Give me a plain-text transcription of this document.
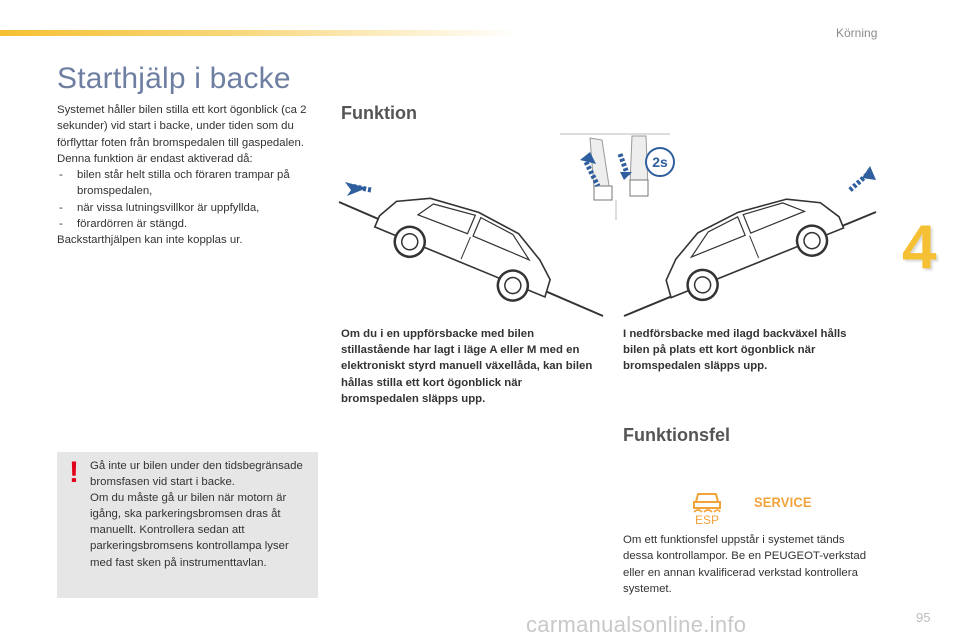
Körning
4
Starthjälp i backe

Systemet håller bilen stilla ett kort ögonblick (ca 2 sekunder) vid start i backe, under tiden som du förflyttar foten från bromspedalen till gaspedalen.

Denna funktion är endast aktiverad då:

- bilen står helt stilla och föraren trampar på bromspedalen,
- när vissa lutningsvillkor är uppfyllda,
- förardörren är stängd.

Backstarthjälpen kan inte kopplas ur.

! Gå inte ur bilen under den tidsbegränsade bromsfasen vid start i backe.
Om du måste gå ur bilen när motorn är igång, ska parkeringsbromsen dras åt manuellt. Kontrollera sedan att parkeringsbromsens kontrollampa lyser med fast sken på instrumenttavlan.
Funktion
2s
Om du i en uppförsbacke med bilen stillastående har lagt i läge A eller M med en elektroniskt styrd manuell växellåda, kan bilen hållas stilla ett kort ögonblick när bromspedalen släpps upp.
I nedförsbacke med ilagd backväxel hålls bilen på plats ett kort ögonblick när bromspedalen släpps upp.
Funktionsfel
ESP
SERVICE
Om ett funktionsfel uppstår i systemet tänds dessa kontrollampor. Be en PEUGEOT-verkstad eller en annan kvalificerad verkstad kontrollera systemet.
carmanualsonline.info	95
